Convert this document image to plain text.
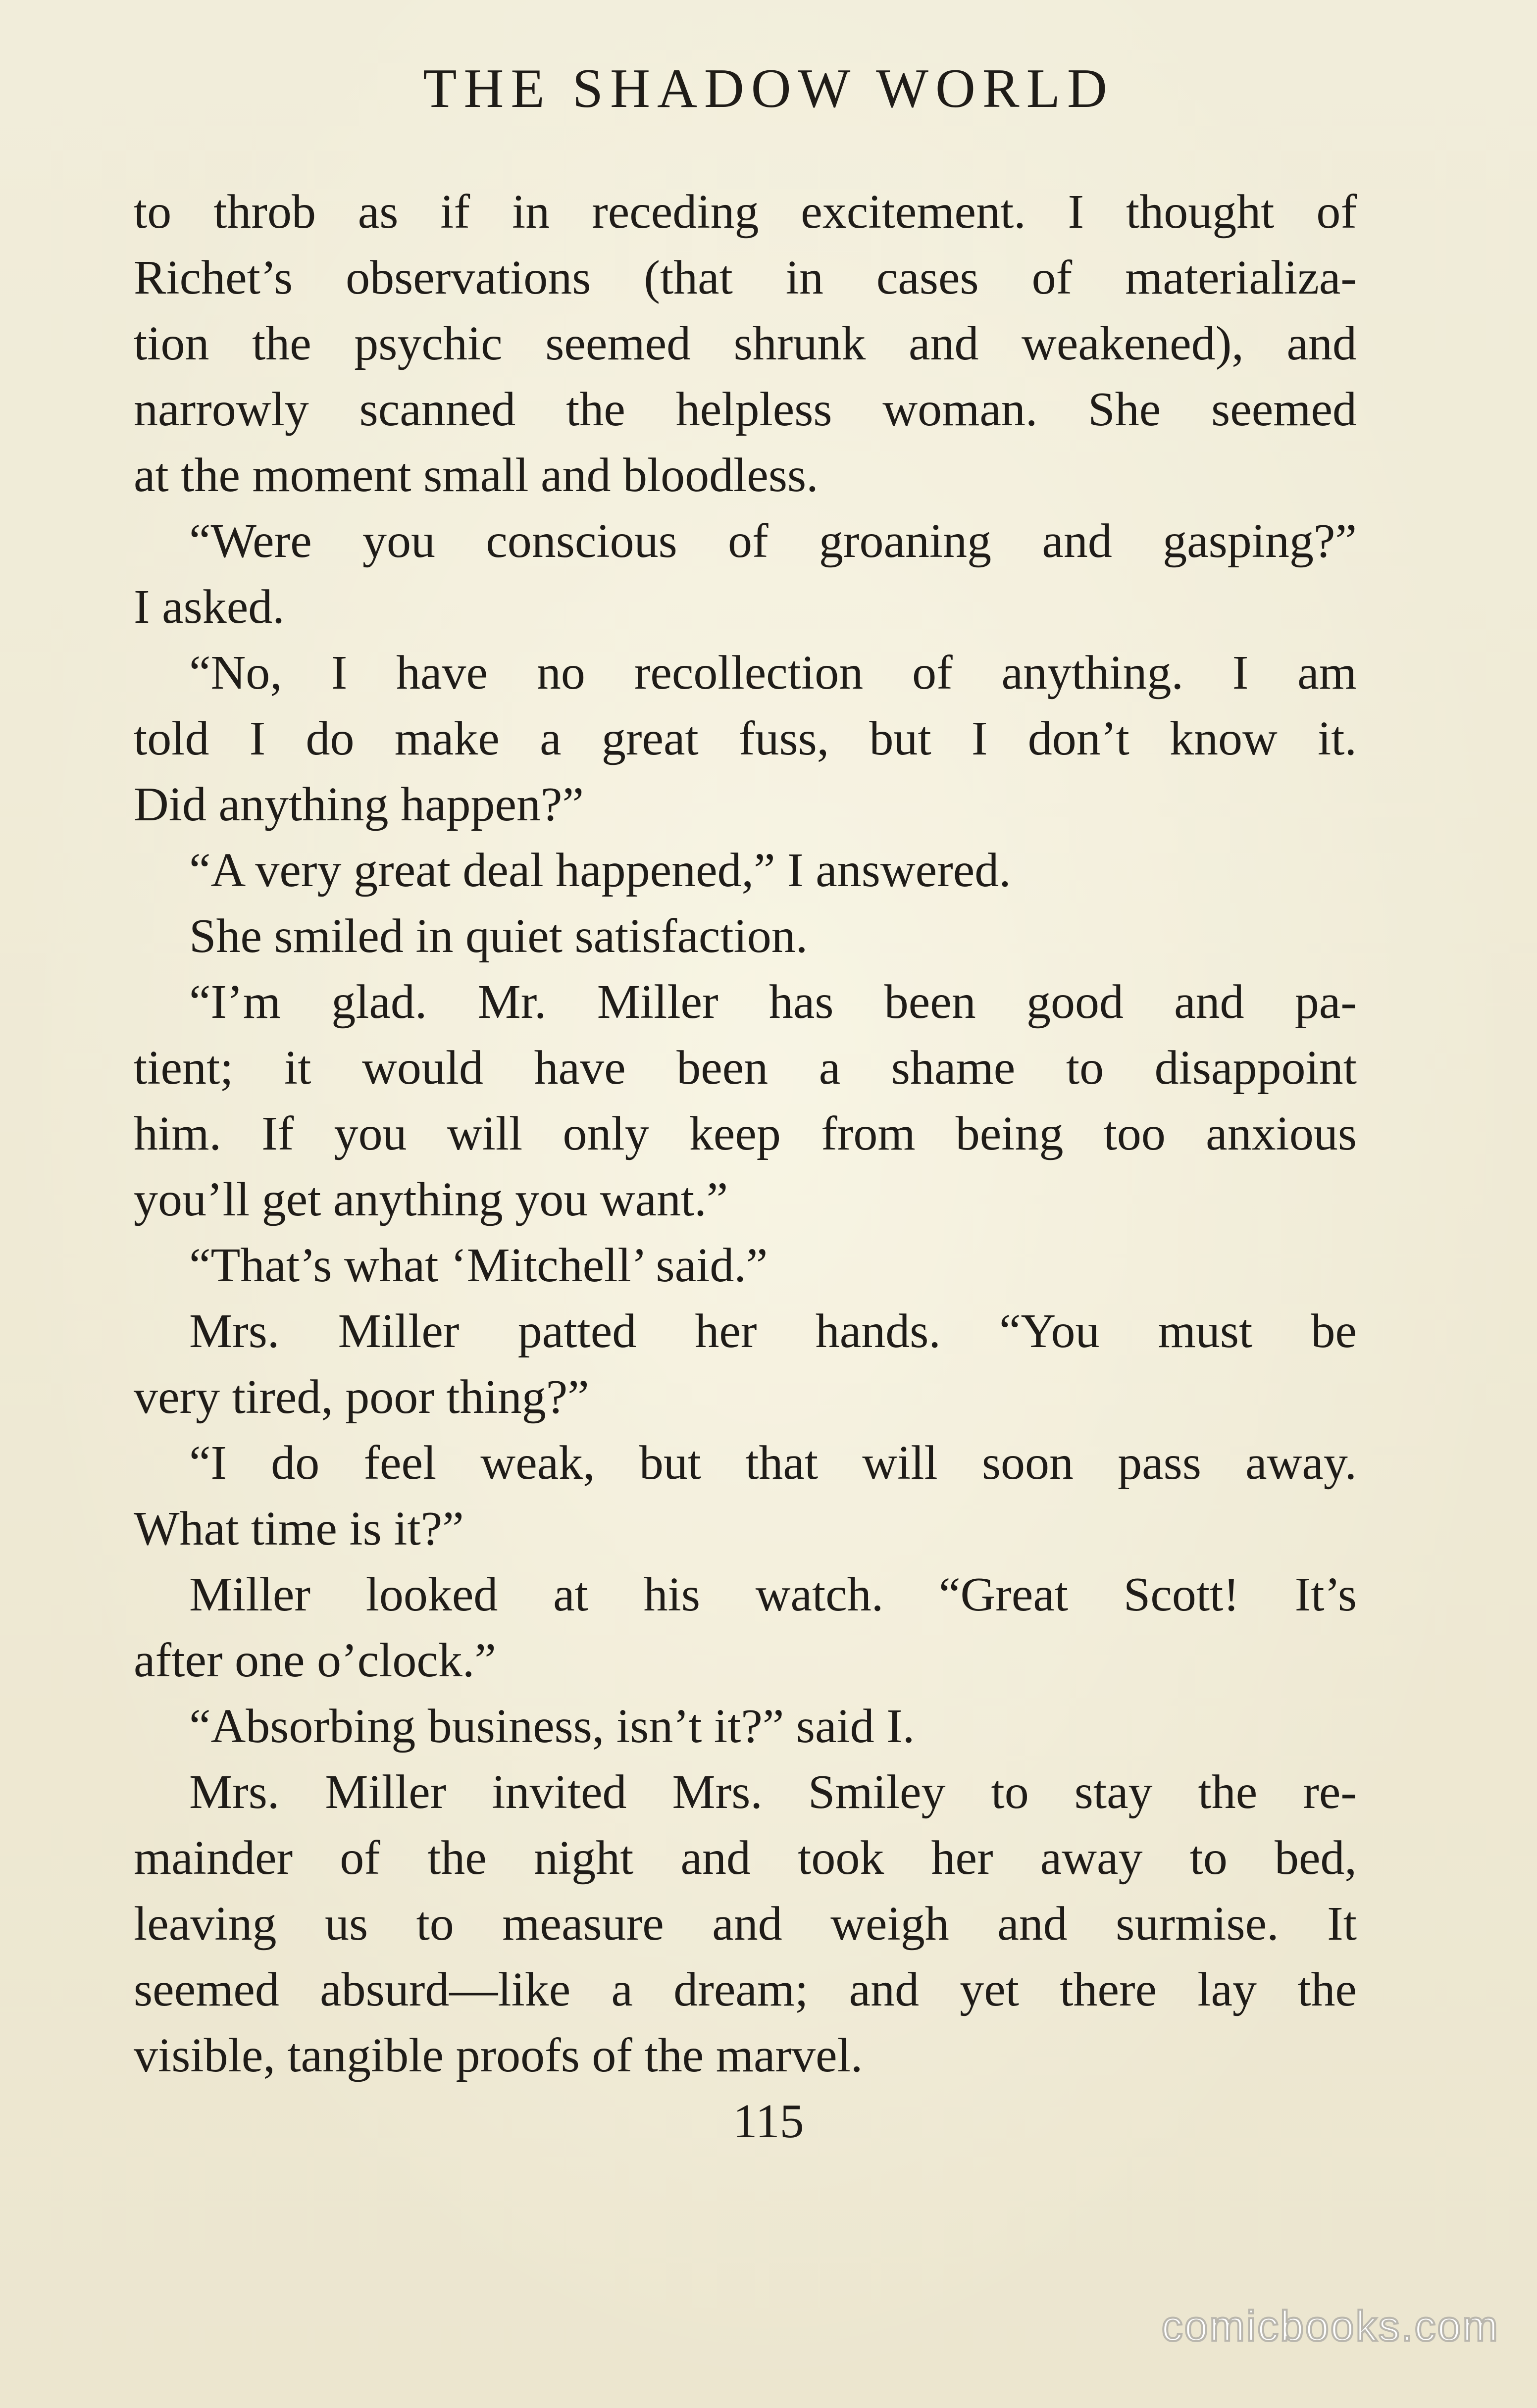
THE SHADOW WORLD
to throb as if in receding excitement. I thought of
Richet’s observations (that in cases of materializa-
tion the psychic seemed shrunk and weakened), and
narrowly scanned the helpless woman. She seemed
at the moment small and bloodless.
“Were you conscious of groaning and gasping?”
I asked.
“No, I have no recollection of anything. I am
told I do make a great fuss, but I don’t know it.
Did anything happen?”
“A very great deal happened,” I answered.
She smiled in quiet satisfaction.
“I’m glad. Mr. Miller has been good and pa-
tient; it would have been a shame to disappoint
him. If you will only keep from being too anxious
you’ll get anything you want.”
“That’s what ‘Mitchell’ said.”
Mrs. Miller patted her hands. “You must be
very tired, poor thing?”
“I do feel weak, but that will soon pass away.
What time is it?”
Miller looked at his watch. “Great Scott! It’s
after one o’clock.”
“Absorbing business, isn’t it?” said I.
Mrs. Miller invited Mrs. Smiley to stay the re-
mainder of the night and took her away to bed,
leaving us to measure and weigh and surmise. It
seemed absurd—like a dream; and yet there lay the
visible, tangible proofs of the marvel.
115
comicbooks.com
